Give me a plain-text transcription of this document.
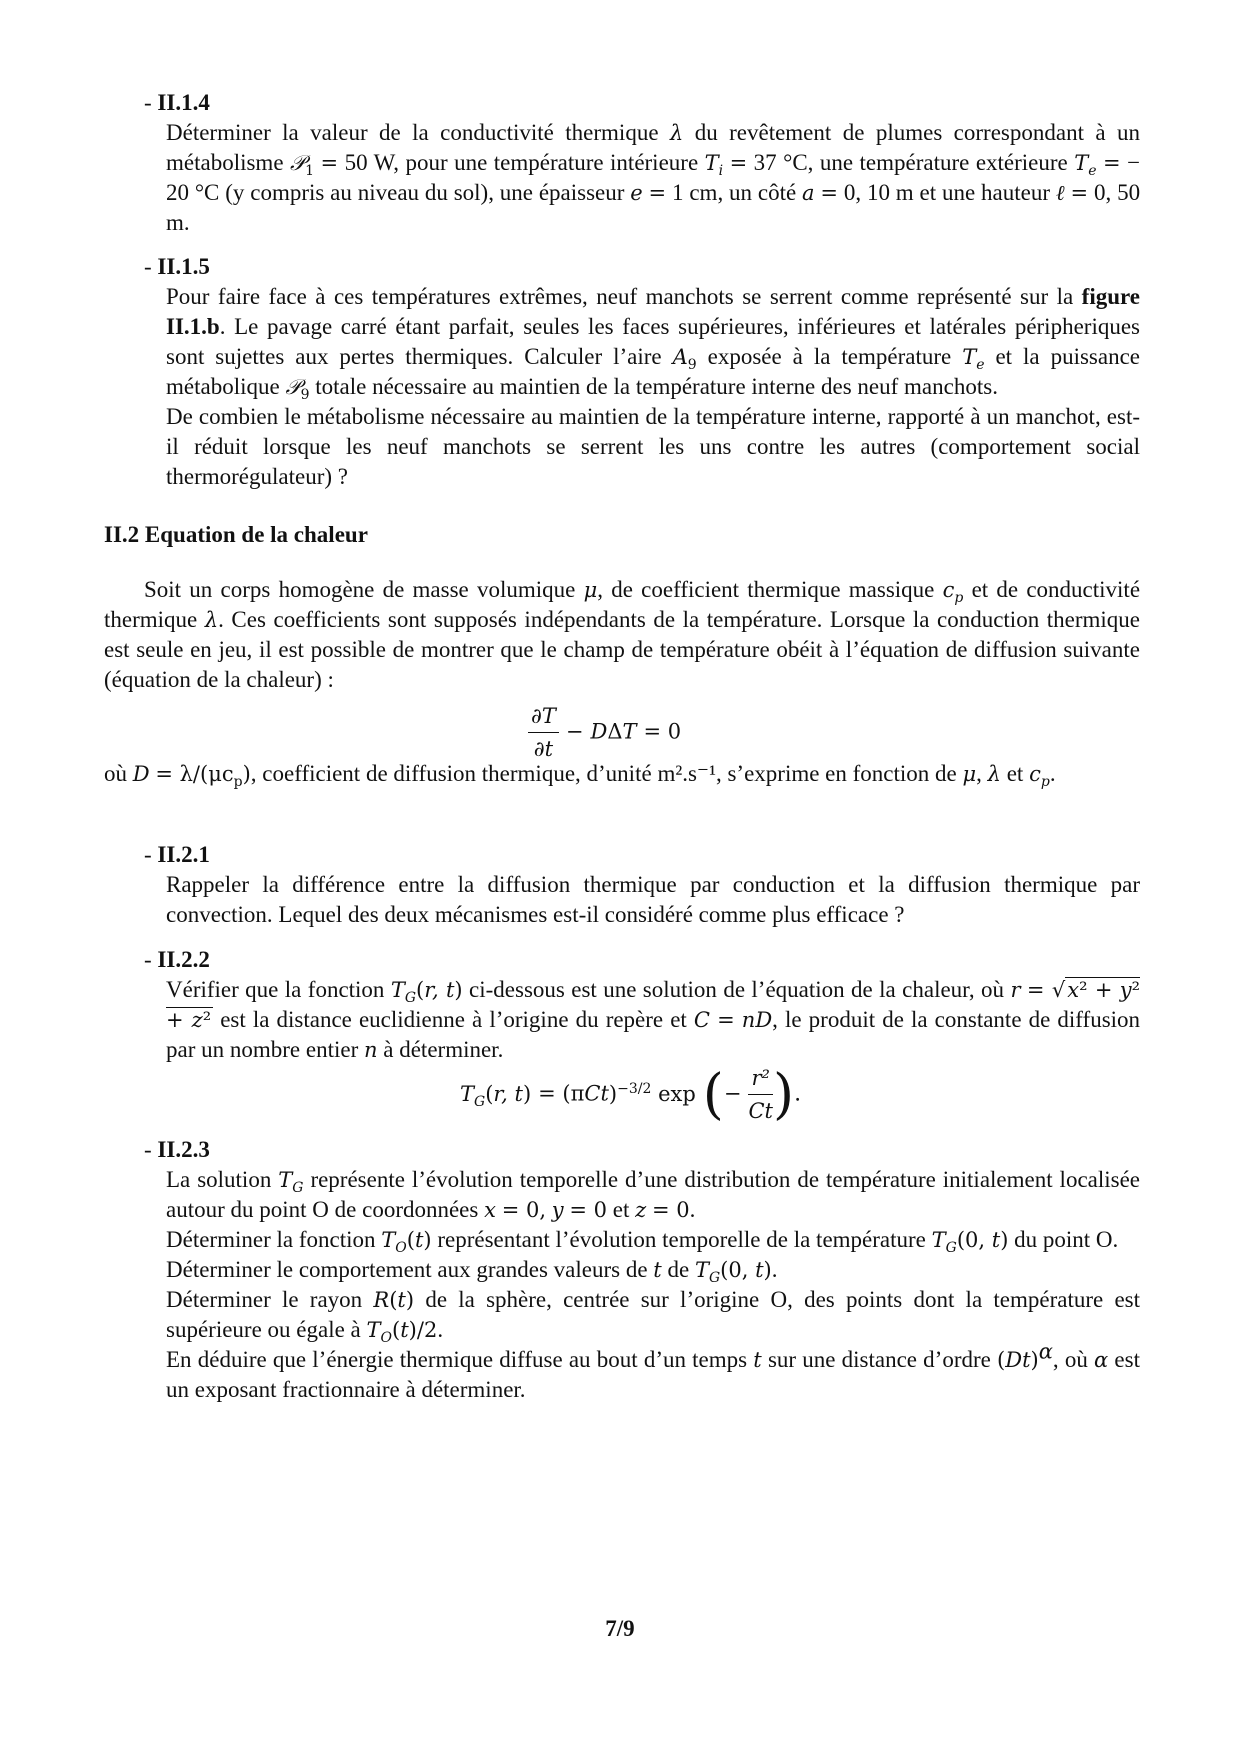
- II.1.4

Déterminer la valeur de la conductivité thermique λ du revêtement de plumes correspondant à un métabolisme 𝒫$_1$ = 50 W, pour une température intérieure $T_i = 37$ °C, une température extérieure $T_e$ = − 20 °C (y compris au niveau du sol), une épaisseur e = 1 cm, un côté a = 0, 10 m et une hauteur ℓ = 0, 50 m.

- II.1.5

Pour faire face à ces températures extrêmes, neuf manchots se serrent comme représenté sur la figure II.1.b. Le pavage carré étant parfait, seules les faces supérieures, inférieures et latérales péripheriques sont sujettes aux pertes thermiques. Calculer l’aire $A_9$ exposée à la température $T_e$ et la puissance métabolique 𝒫$_9$ totale nécessaire au maintien de la température interne des neuf manchots.

De combien le métabolisme nécessaire au maintien de la température interne, rapporté à un manchot, est-il réduit lorsque les neuf manchots se serrent les uns contre les autres (comportement social thermorégulateur) ?

II.2 Equation de la chaleur

Soit un corps homogène de masse volumique μ, de coefficient thermique massique $c_p$ et de conductivité thermique λ. Ces coefficients sont supposés indépendants de la température. Lorsque la conduction thermique est seule en jeu, il est possible de montrer que le champ de température obéit à l’équation de diffusion suivante (équation de la chaleur) :

$\frac{\partial T}{\partial t} - D\Delta T = 0$

où $D = \lambda/(\mu c_p)$, coefficient de diffusion thermique, d’unité m².s⁻¹, s’exprime en fonction de μ, λ et $c_p$.

- II.2.1

Rappeler la différence entre la diffusion thermique par conduction et la diffusion thermique par convection. Lequel des deux mécanismes est-il considéré comme plus efficace ?

- II.2.2

Vérifier que la fonction $T_G(r$, t) ci-dessous est une solution de l’équation de la chaleur, où r = √x² + y² + z² est la distance euclidienne à l’origine du repère et C = nD, le produit de la constante de diffusion par un nombre entier n à déterminer.

$T_G(r$, $t) = (\pi Ct)^{-3/2}$ exp (− $\frac{\text{r²}}{Ct}$ ).
- II.2.3

La solution $T_G$ représente l’évolution temporelle d’une distribution de température initialement localisée autour du point O de coordonnées x = 0, y = 0 et z = 0.

Déterminer la fonction $T_O(t)$ représentant l’évolution temporelle de la température $T_G(0$, t) du point O.

Déterminer le comportement aux grandes valeurs de t de $T_G(0$, t).

Déterminer le rayon R(t) de la sphère, centrée sur l’origine O, des points dont la température est supérieure ou égale à $T_O(t)/2$.

En déduire que l’énergie thermique diffuse au bout d’un temps t sur une distance d’ordre $(Dt)^\alpha$, où α est un exposant fractionnaire à déterminer.

7/9
